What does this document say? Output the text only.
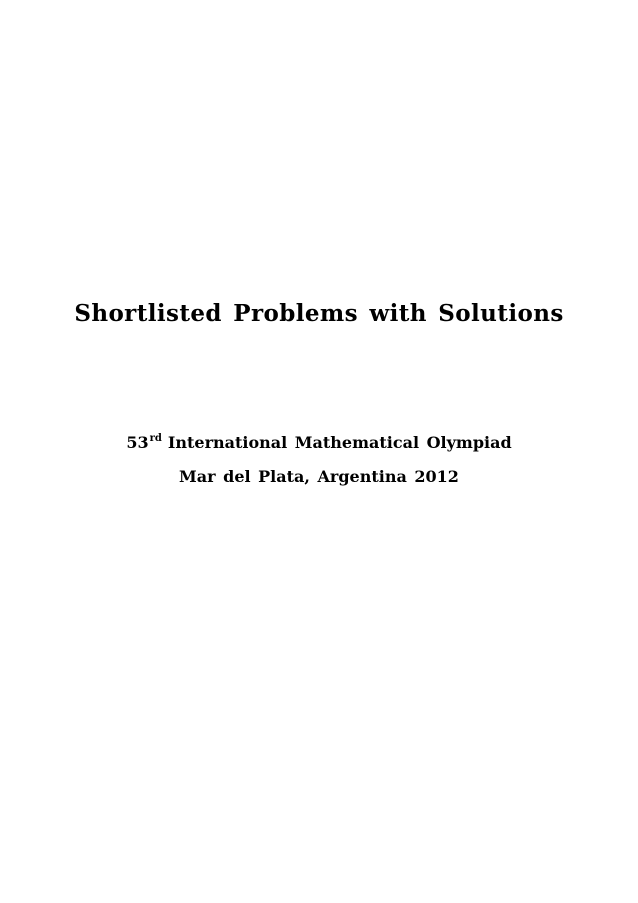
Shortlisted Problems with Solutions
53rd International Mathematical Olympiad
Mar del Plata, Argentina 2012
